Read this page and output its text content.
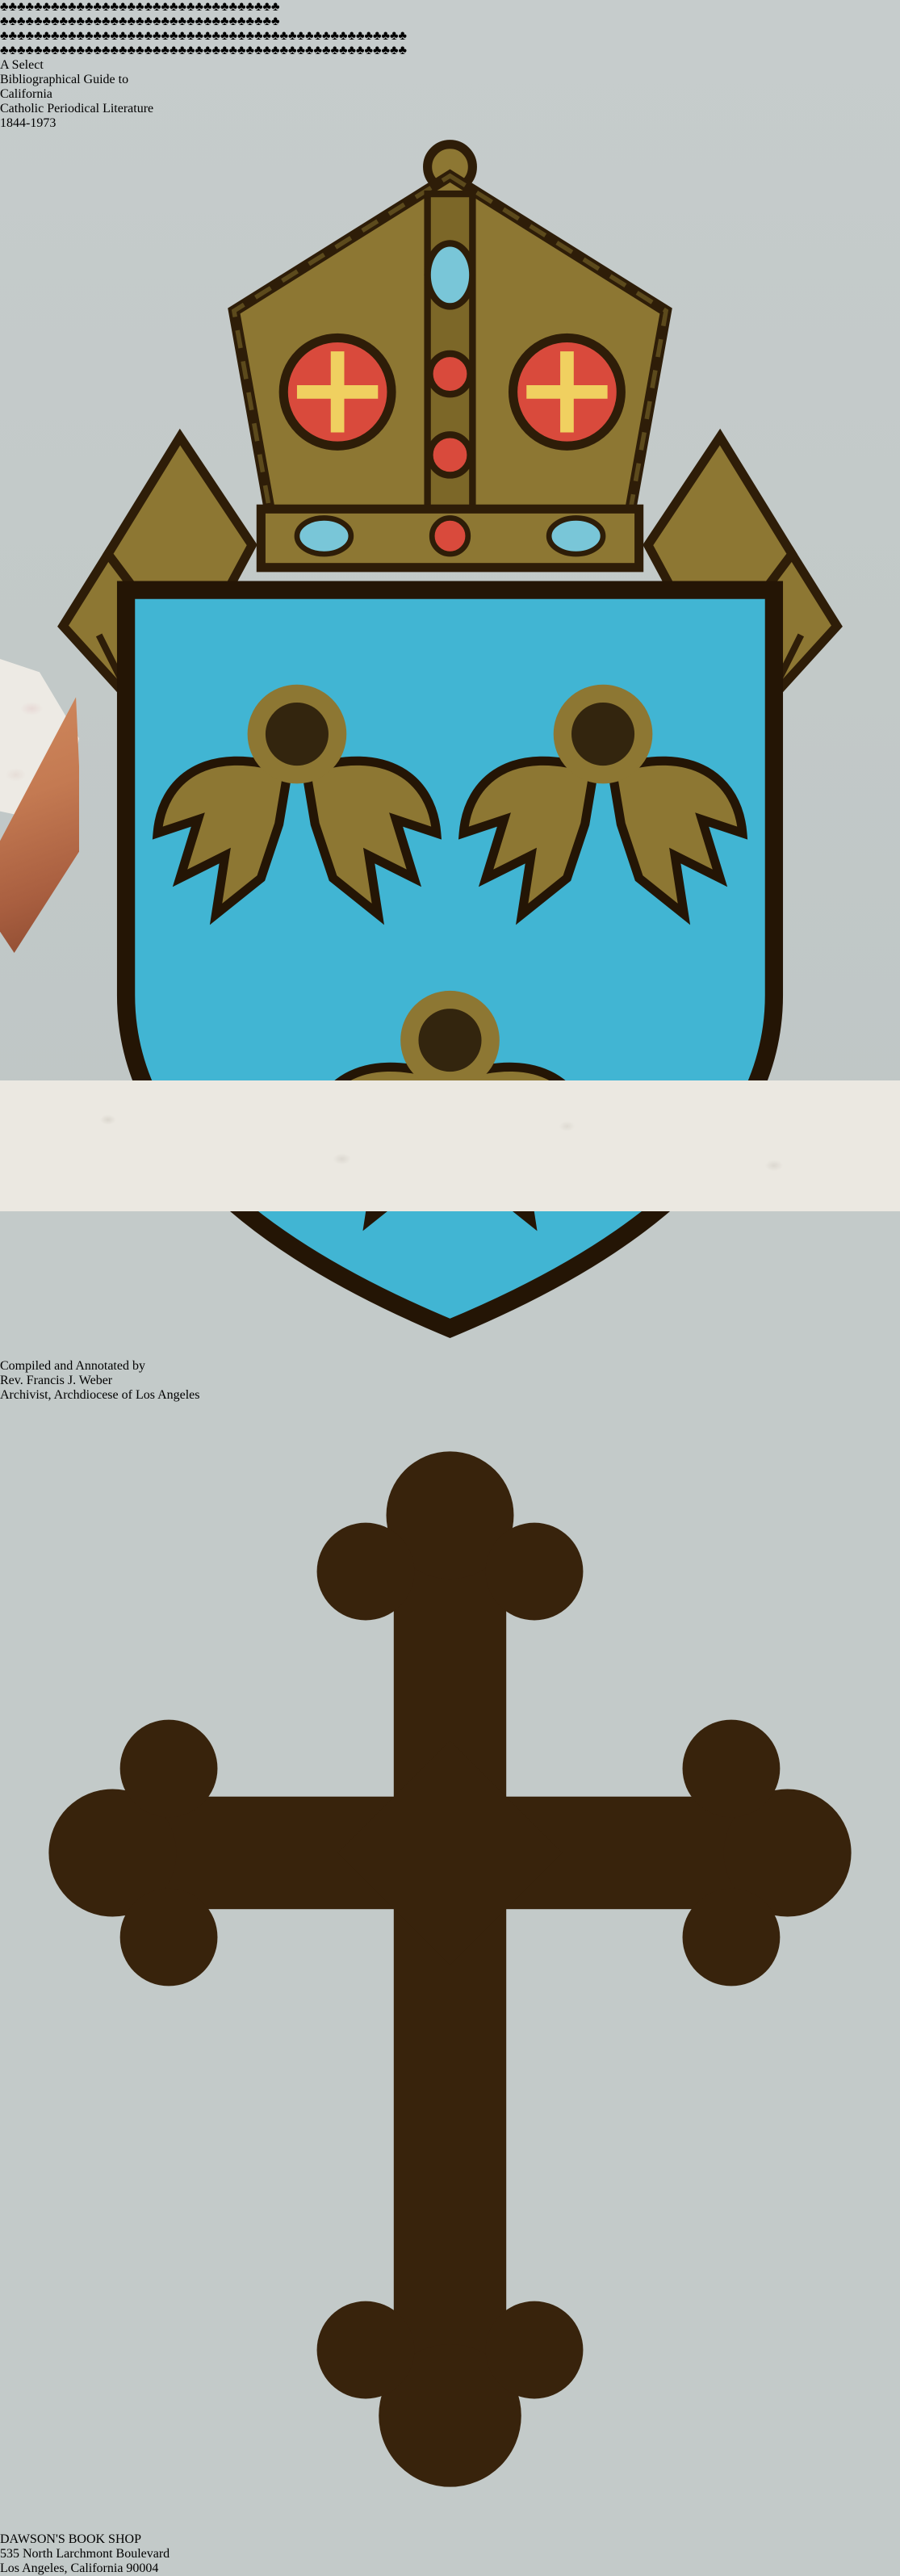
♣♣♣♣♣♣♣♣♣♣♣♣♣♣♣♣♣♣♣♣♣♣♣♣♣♣♣♣♣♣♣♣♣
♣♣♣♣♣♣♣♣♣♣♣♣♣♣♣♣♣♣♣♣♣♣♣♣♣♣♣♣♣♣♣♣♣
♣♣♣♣♣♣♣♣♣♣♣♣♣♣♣♣♣♣♣♣♣♣♣♣♣♣♣♣♣♣♣♣♣♣♣♣♣♣♣♣♣♣♣♣♣♣♣♣
♣♣♣♣♣♣♣♣♣♣♣♣♣♣♣♣♣♣♣♣♣♣♣♣♣♣♣♣♣♣♣♣♣♣♣♣♣♣♣♣♣♣♣♣♣♣♣♣
A Select
Bibliographical Guide to
California
Catholic Periodical Literature
1844-1973
Compiled and Annotated by
Rev. Francis J. Weber
Archivist, Archdiocese of Los Angeles
DAWSON'S BOOK SHOP
535 North Larchmont Boulevard
Los Angeles, California 90004
